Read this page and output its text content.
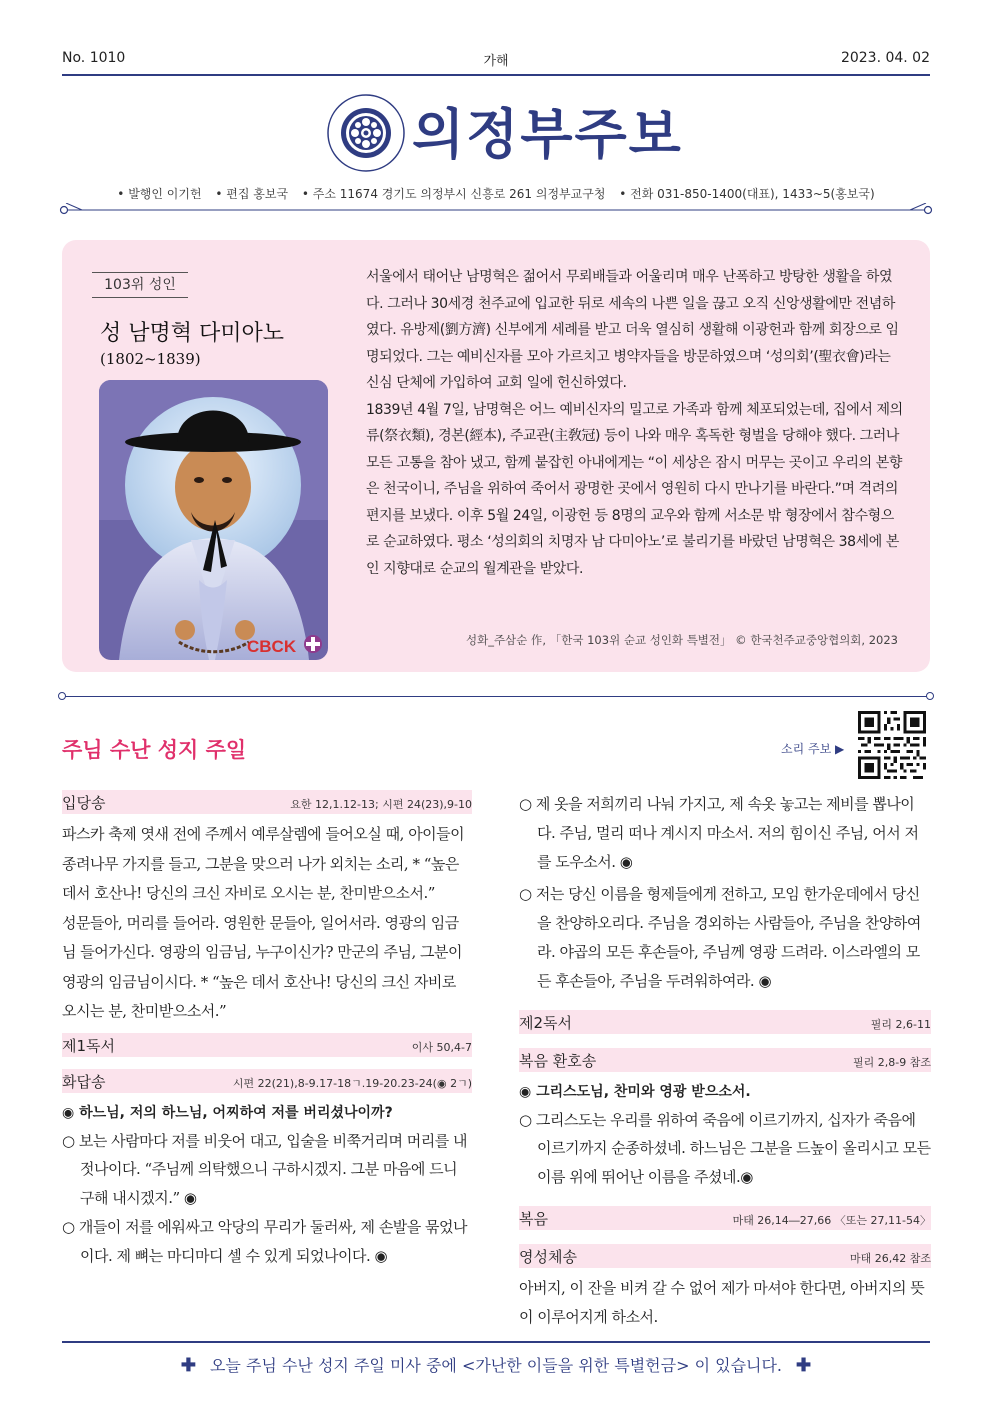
No. 1010	가해	2023. 04. 02
의정부주보
• 발행인 이기헌 • 편집 홍보국 • 주소 11674 경기도 의정부시 신흥로 261 의정부교구청 • 전화 031-850-1400(대표), 1433~5(홍보국)
103위 성인
성 남명혁 다미아노
(1802~1839)
CBCK

서울에서 태어난 남명혁은 젊어서 무뢰배들과 어울리며 매우 난폭하고 방탕한 생활을 하였다. 그러나 30세경 천주교에 입교한 뒤로 세속의 나쁜 일을 끊고 오직 신앙생활에만 전념하였다. 유방제(劉方濟) 신부에게 세례를 받고 더욱 열심히 생활해 이광헌과 함께 회장으로 임명되었다. 그는 예비신자를 모아 가르치고 병약자들을 방문하였으며 ‘성의회’(聖衣會)라는 신심 단체에 가입하여 교회 일에 헌신하였다.

1839년 4월 7일, 남명혁은 어느 예비신자의 밀고로 가족과 함께 체포되었는데, 집에서 제의류(祭衣類), 경본(經本), 주교관(主敎冠) 등이 나와 매우 혹독한 형벌을 당해야 했다. 그러나 모든 고통을 참아 냈고, 함께 붙잡힌 아내에게는 “이 세상은 잠시 머무는 곳이고 우리의 본향은 천국이니, 주님을 위하여 죽어서 광명한 곳에서 영원히 다시 만나기를 바란다.”며 격려의 편지를 보냈다. 이후 5월 24일, 이광헌 등 8명의 교우와 함께 서소문 밖 형장에서 참수형으로 순교하였다. 평소 ‘성의회의 치명자 남 다미아노’로 불리기를 바랐던 남명혁은 38세에 본인 지향대로 순교의 월계관을 받았다.

성화_주삼순 作, 「한국 103위 순교 성인화 특별전」 © 한국천주교중앙협의회, 2023
주님 수난 성지 주일	소리 주보 ▶
입당송	요한 12,1.12-13; 시편 24(23),9-10

파스카 축제 엿새 전에 주께서 예루살렘에 들어오실 때, 아이들이 종려나무 가지를 들고, 그분을 맞으러 나가 외치는 소리, * “높은 데서 호산나! 당신의 크신 자비로 오시는 분, 찬미받으소서.”

성문들아, 머리를 들어라. 영원한 문들아, 일어서라. 영광의 임금님 들어가신다. 영광의 임금님, 누구이신가? 만군의 주님, 그분이 영광의 임금님이시다. * “높은 데서 호산나! 당신의 크신 자비로 오시는 분, 찬미받으소서.”

제1독서	이사 50,4-7
화답송	시편 22(21),8-9.17-18ㄱ.19-20.23-24(◉ 2ㄱ)

◉ 하느님, 저의 하느님, 어찌하여 저를 버리셨나이까?

○ 보는 사람마다 저를 비웃어 대고, 입술을 비쭉거리며 머리를 내젓나이다. “주님께 의탁했으니 구하시겠지. 그분 마음에 드니 구해 내시겠지.” ◉

○ 개들이 저를 에워싸고 악당의 무리가 둘러싸, 제 손발을 묶었나이다. 제 뼈는 마디마디 셀 수 있게 되었나이다. ◉

○ 제 옷을 저희끼리 나눠 가지고, 제 속옷 놓고는 제비를 뽑나이다. 주님, 멀리 떠나 계시지 마소서. 저의 힘이신 주님, 어서 저를 도우소서. ◉

○ 저는 당신 이름을 형제들에게 전하고, 모임 한가운데에서 당신을 찬양하오리다. 주님을 경외하는 사람들아, 주님을 찬양하여라. 야곱의 모든 후손들아, 주님께 영광 드려라. 이스라엘의 모든 후손들아, 주님을 두려워하여라. ◉

제2독서	필리 2,6-11
복음 환호송	필리 2,8-9 참조

◉ 그리스도님, 찬미와 영광 받으소서.

○ 그리스도는 우리를 위하여 죽음에 이르기까지, 십자가 죽음에 이르기까지 순종하셨네. 하느님은 그분을 드높이 올리시고 모든 이름 위에 뛰어난 이름을 주셨네.◉

복음	마태 26,14―27,66 〈또는 27,11-54〉
영성체송	마태 26,42 참조

아버지, 이 잔을 비켜 갈 수 없어 제가 마셔야 한다면, 아버지의 뜻이 이루어지게 하소서.

✚ 오늘 주님 수난 성지 주일 미사 중에 <가난한 이들을 위한 특별헌금> 이 있습니다. ✚
